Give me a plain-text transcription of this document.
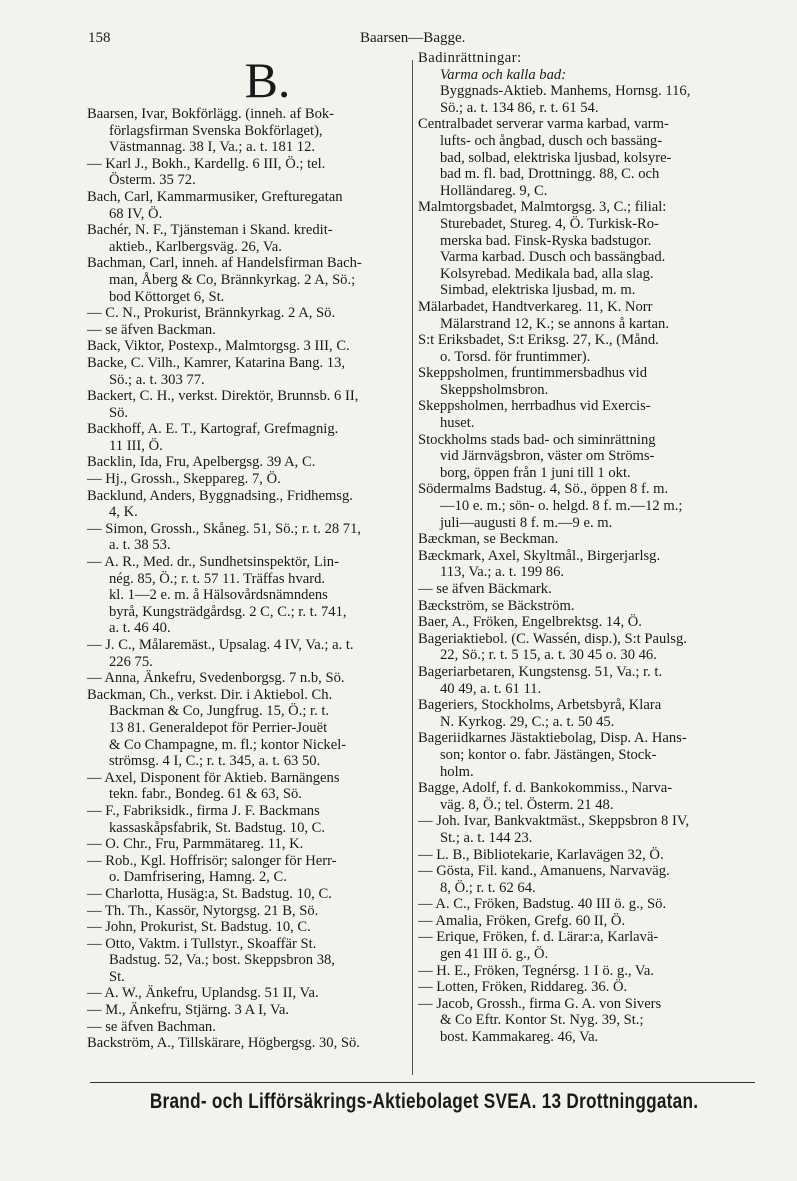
158	Baarsen—Bagge.
B.
Baarsen, Ivar, Bokförlägg. (inneh. af Bok-
förlagsfirman Svenska Bokförlaget),
Västmannag. 38 I, Va.; a. t. 181 12.
— Karl J., Bokh., Kardellg. 6 III, Ö.; tel.
Österm. 35 72.
Bach, Carl, Kammarmusiker, Grefturegatan
68 IV, Ö.
Bachér, N. F., Tjänsteman i Skand. kredit-
aktieb., Karlbergsväg. 26, Va.
Bachman, Carl, inneh. af Handelsfirman Bach-
man, Åberg & Co, Brännkyrkag. 2 A, Sö.;
bod Köttorget 6, St.
— C. N., Prokurist, Brännkyrkag. 2 A, Sö.
— se äfven Backman.
Back, Viktor, Postexp., Malmtorgsg. 3 III, C.
Backe, C. Vilh., Kamrer, Katarina Bang. 13,
Sö.; a. t. 303 77.
Backert, C. H., verkst. Direktör, Brunnsb. 6 II,
Sö.
Backhoff, A. E. T., Kartograf, Grefmagnig.
11 III, Ö.
Backlin, Ida, Fru, Apelbergsg. 39 A, C.
— Hj., Grossh., Skeppareg. 7, Ö.
Backlund, Anders, Byggnadsing., Fridhemsg.
4, K.
— Simon, Grossh., Skåneg. 51, Sö.; r. t. 28 71,
a. t. 38 53.
— A. R., Med. dr., Sundhetsinspektör, Lin-
nég. 85, Ö.; r. t. 57 11. Träffas hvard.
kl. 1—2 e. m. å Hälsovårdsnämndens
byrå, Kungsträdgårdsg. 2 C, C.; r. t. 741,
a. t. 46 40.
— J. C., Målaremäst., Upsalag. 4 IV, Va.; a. t.
226 75.
— Anna, Änkefru, Svedenborgsg. 7 n.b, Sö.
Backman, Ch., verkst. Dir. i Aktiebol. Ch.
Backman & Co, Jungfrug. 15, Ö.; r. t.
13 81. Generaldepot för Perrier-Jouët
& Co Champagne, m. fl.; kontor Nickel-
strömsg. 4 I, C.; r. t. 345, a. t. 63 50.
— Axel, Disponent för Aktieb. Barnängens
tekn. fabr., Bondeg. 61 & 63, Sö.
— F., Fabriksidk., firma J. F. Backmans
kassaskåpsfabrik, St. Badstug. 10, C.
— O. Chr., Fru, Parmmätareg. 11, K.
— Rob., Kgl. Hoffrisör; salonger för Herr-
o. Damfrisering, Hamng. 2, C.
— Charlotta, Husäg:a, St. Badstug. 10, C.
— Th. Th., Kassör, Nytorgsg. 21 B, Sö.
— John, Prokurist, St. Badstug. 10, C.
— Otto, Vaktm. i Tullstyr., Skoaffär St.
Badstug. 52, Va.; bost. Skeppsbron 38,
St.
— A. W., Änkefru, Uplandsg. 51 II, Va.
— M., Änkefru, Stjärng. 3 A I, Va.
— se äfven Bachman.
Backström, A., Tillskärare, Högbergsg. 30, Sö.
Badinrättningar:
Varma och kalla bad:
Byggnads-Aktieb. Manhems, Hornsg. 116,
Sö.; a. t. 134 86, r. t. 61 54.
Centralbadet serverar varma karbad, varm-
lufts- och ångbad, dusch och bassäng-
bad, solbad, elektriska ljusbad, kolsyre-
bad m. fl. bad, Drottningg. 88, C. och
Holländareg. 9, C.
Malmtorgsbadet, Malmtorgsg. 3, C.; filial:
Sturebadet, Stureg. 4, Ö. Turkisk-Ro-
merska bad. Finsk-Ryska badstugor.
Varma karbad. Dusch och bassängbad.
Kolsyrebad. Medikala bad, alla slag.
Simbad, elektriska ljusbad, m. m.
Mälarbadet, Handtverkareg. 11, K. Norr
Mälarstrand 12, K.; se annons å kartan.
S:t Eriksbadet, S:t Eriksg. 27, K., (Månd.
o. Torsd. för fruntimmer).
Skeppsholmen, fruntimmersbadhus vid
Skeppsholmsbron.
Skeppsholmen, herrbadhus vid Exercis-
huset.
Stockholms stads bad- och siminrättning
vid Järnvägsbron, väster om Ströms-
borg, öppen från 1 juni till 1 okt.
Södermalms Badstug. 4, Sö., öppen 8 f. m.
—10 e. m.; sön- o. helgd. 8 f. m.—12 m.;
juli—augusti 8 f. m.—9 e. m.
Bæckman, se Beckman.
Bæckmark, Axel, Skyltmål., Birgerjarlsg.
113, Va.; a. t. 199 86.
— se äfven Bäckmark.
Bæckström, se Bäckström.
Baer, A., Fröken, Engelbrektsg. 14, Ö.
Bageriaktiebol. (C. Wassén, disp.), S:t Paulsg.
22, Sö.; r. t. 5 15, a. t. 30 45 o. 30 46.
Bageriarbetaren, Kungstensg. 51, Va.; r. t.
40 49, a. t. 61 11.
Bageriers, Stockholms, Arbetsbyrå, Klara
N. Kyrkog. 29, C.; a. t. 50 45.
Bageriidkarnes Jästaktiebolag, Disp. A. Hans-
son; kontor o. fabr. Jästängen, Stock-
holm.
Bagge, Adolf, f. d. Bankokommiss., Narva-
väg. 8, Ö.; tel. Österm. 21 48.
— Joh. Ivar, Bankvaktmäst., Skeppsbron 8 IV,
St.; a. t. 144 23.
— L. B., Bibliotekarie, Karlavägen 32, Ö.
— Gösta, Fil. kand., Amanuens, Narvaväg.
8, Ö.; r. t. 62 64.
— A. C., Fröken, Badstug. 40 III ö. g., Sö.
— Amalia, Fröken, Grefg. 60 II, Ö.
— Erique, Fröken, f. d. Lärar:a, Karlavä-
gen 41 III ö. g., Ö.
— H. E., Fröken, Tegnérsg. 1 I ö. g., Va.
— Lotten, Fröken, Riddareg. 36. Ö.
— Jacob, Grossh., firma G. A. von Sivers
& Co Eftr. Kontor St. Nyg. 39, St.;
bost. Kammakareg. 46, Va.
Brand- och Lifförsäkrings-Aktiebolaget SVEA. 13 Drottninggatan.
